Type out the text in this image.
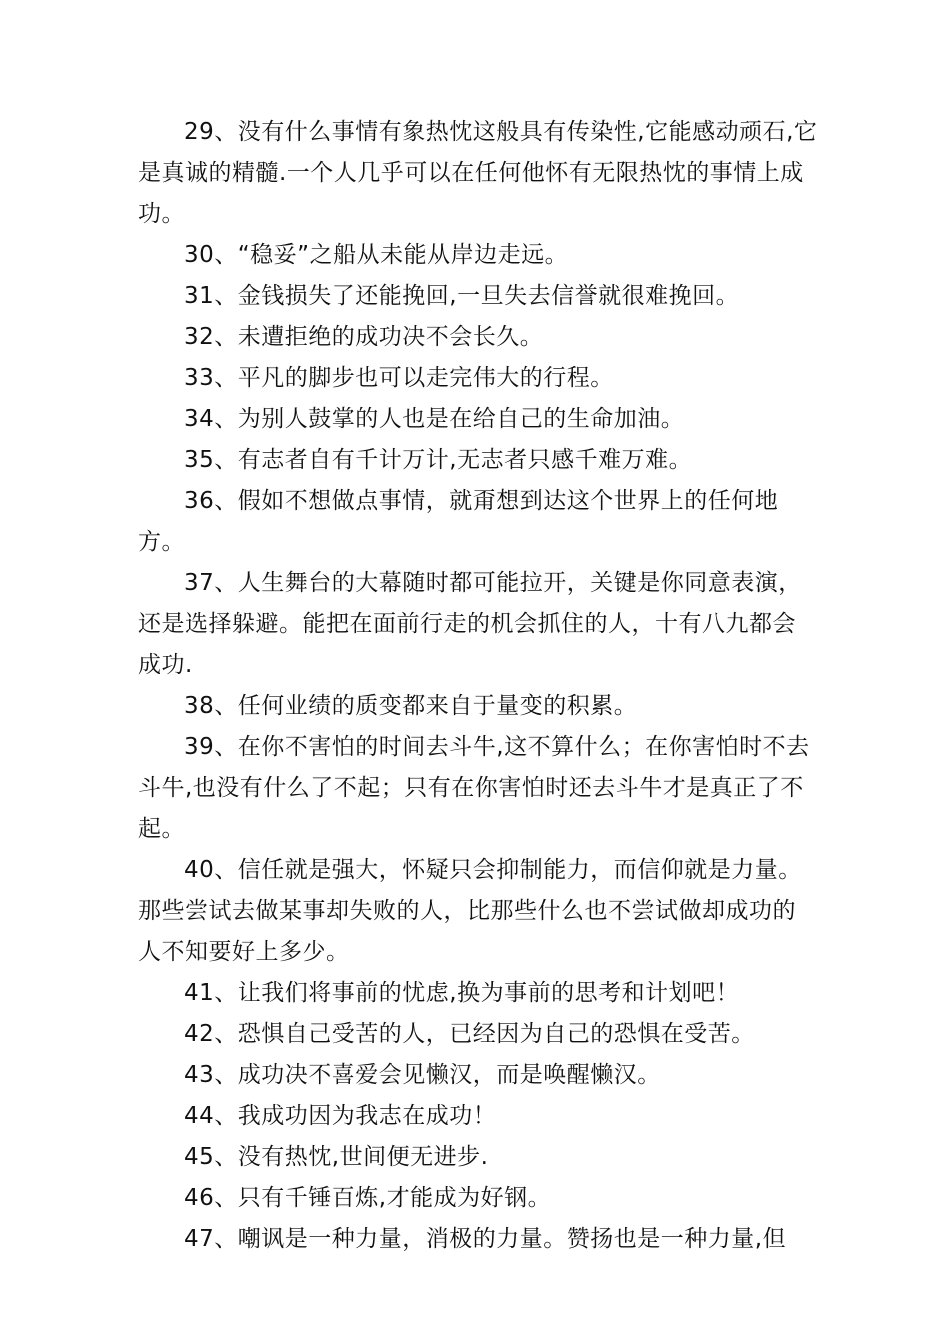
29、没有什么事情有象热忱这般具有传染性,它能感动顽石,它是真诚的精髓.一个人几乎可以在任何他怀有无限热忱的事情上成功。

30、“稳妥”之船从未能从岸边走远。

31、金钱损失了还能挽回,一旦失去信誉就很难挽回。

32、未遭拒绝的成功决不会长久。

33、平凡的脚步也可以走完伟大的行程。

34、为别人鼓掌的人也是在给自己的生命加油。

35、有志者自有千计万计,无志者只感千难万难。

36、假如不想做点事情，就甭想到达这个世界上的任何地方。

37、人生舞台的大幕随时都可能拉开，关键是你同意表演，还是选择躲避。能把在面前行走的机会抓住的人，十有八九都会成功.

38、任何业绩的质变都来自于量变的积累。

39、在你不害怕的时间去斗牛,这不算什么；在你害怕时不去斗牛,也没有什么了不起；只有在你害怕时还去斗牛才是真正了不起。

40、信任就是强大，怀疑只会抑制能力，而信仰就是力量。那些尝试去做某事却失败的人，比那些什么也不尝试做却成功的人不知要好上多少。

41、让我们将事前的忧虑,换为事前的思考和计划吧！

42、恐惧自己受苦的人，已经因为自己的恐惧在受苦。

43、成功决不喜爱会见懒汉，而是唤醒懒汉。

44、我成功因为我志在成功！

45、没有热忱,世间便无进步.

46、只有千锤百炼,才能成为好钢。

47、嘲讽是一种力量，消极的力量。赞扬也是一种力量,但
